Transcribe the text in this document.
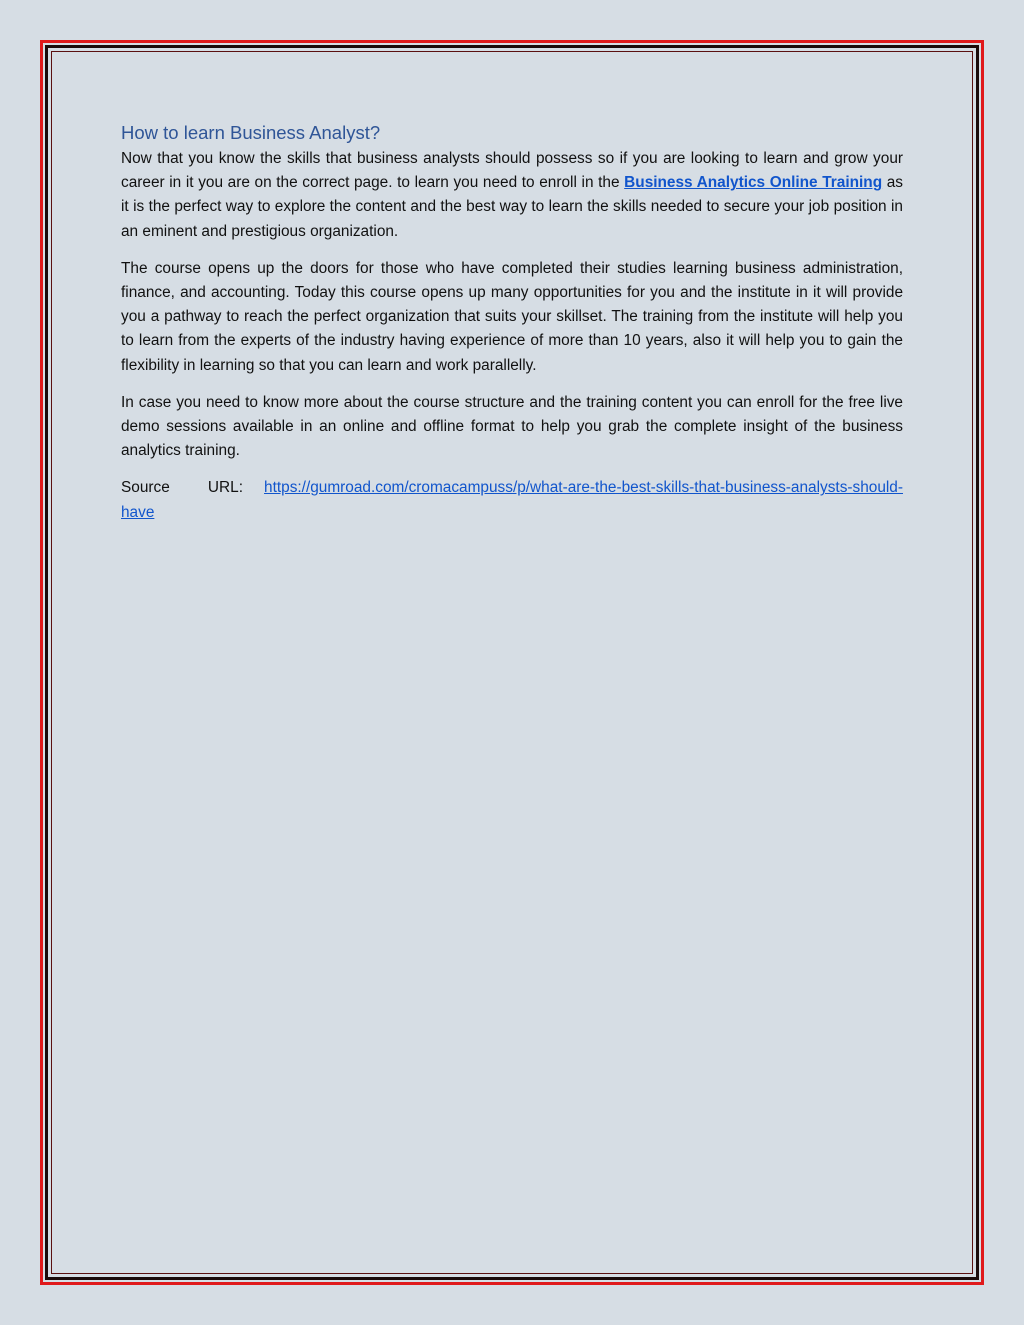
How to learn Business Analyst?

Now that you know the skills that business analysts should possess so if you are looking to learn and grow your career in it you are on the correct page. to learn you need to enroll in the Business Analytics Online Training as it is the perfect way to explore the content and the best way to learn the skills needed to secure your job position in an eminent and prestigious organization.

The course opens up the doors for those who have completed their studies learning business administration, finance, and accounting. Today this course opens up many opportunities for you and the institute in it will provide you a pathway to reach the perfect organization that suits your skillset. The training from the institute will help you to learn from the experts of the industry having experience of more than 10 years, also it will help you to gain the flexibility in learning so that you can learn and work parallelly.

In case you need to know more about the course structure and the training content you can enroll for the free live demo sessions available in an online and offline format to help you grab the complete insight of the business analytics training.

Source URL: https://gumroad.com/cromacampuss/p/what-are-the-best-skills-that-business-analysts-should-have
